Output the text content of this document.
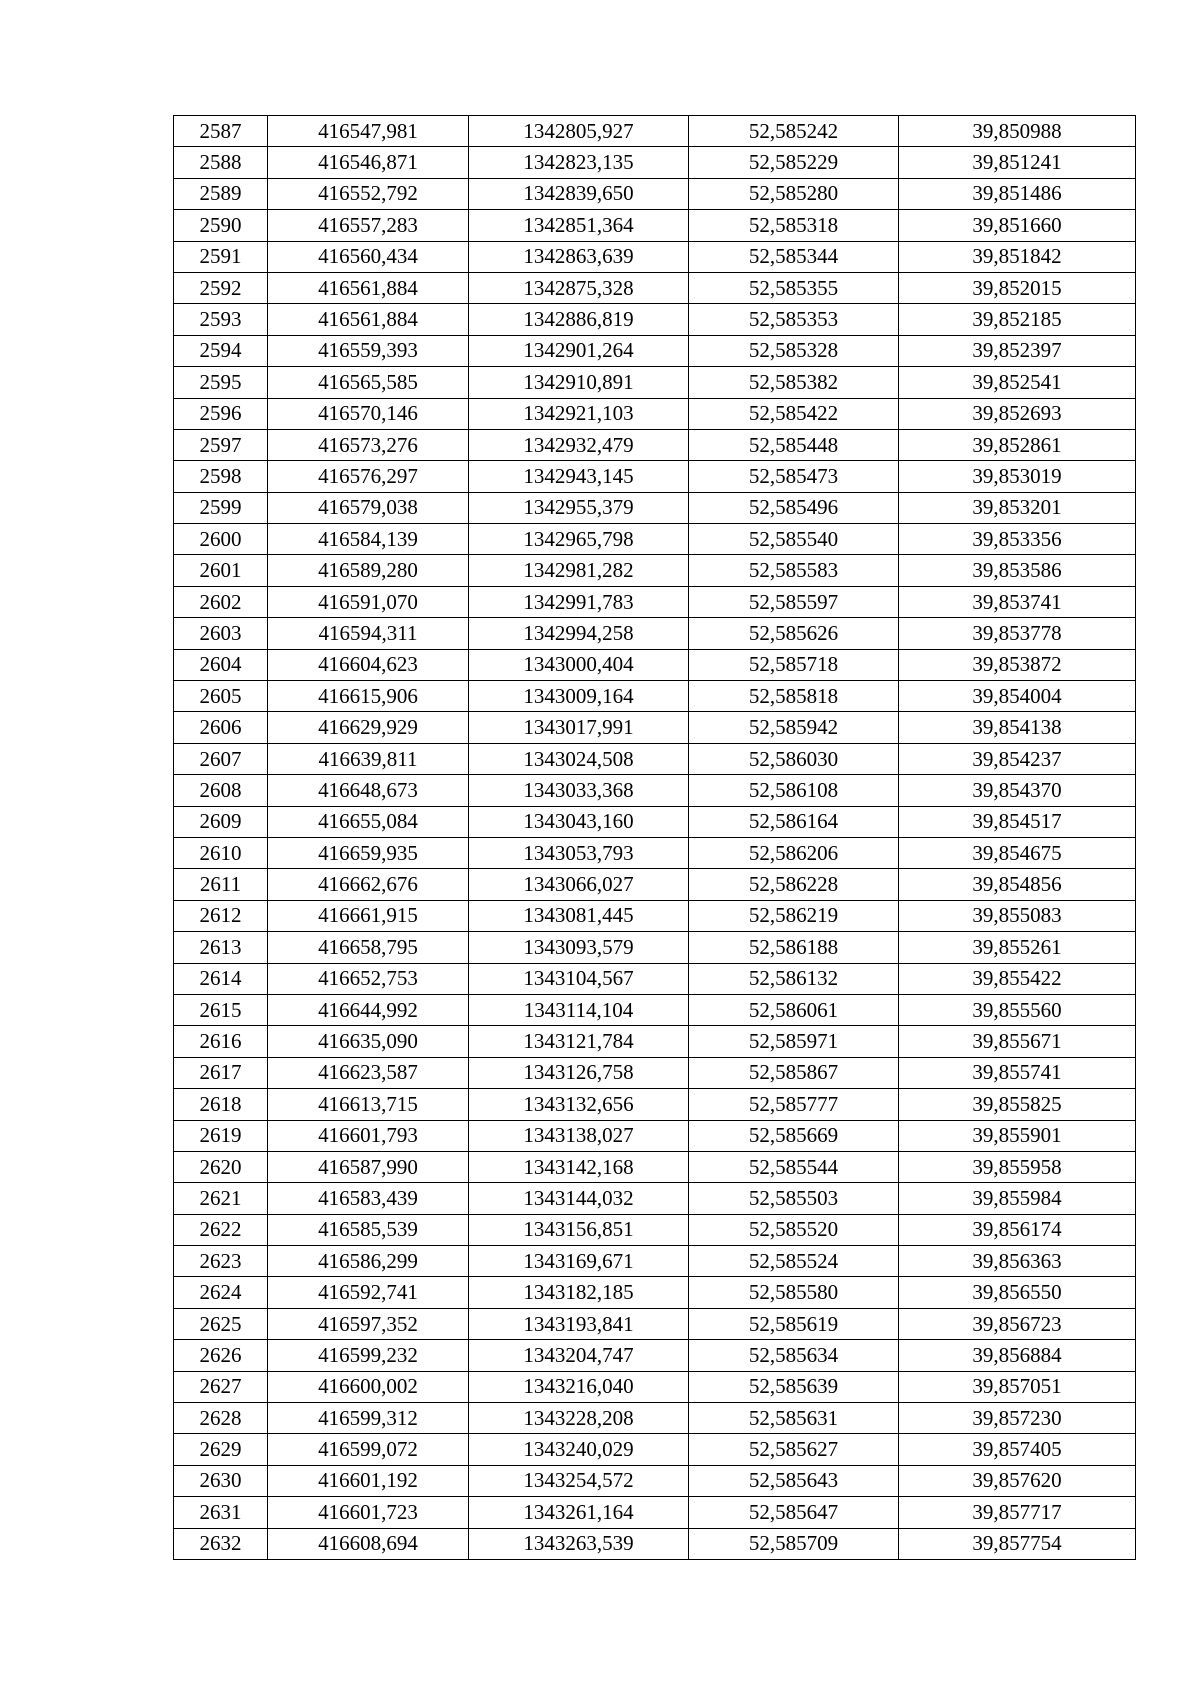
2587	416547,981	1342805,927	52,585242	39,850988
2588	416546,871	1342823,135	52,585229	39,851241
2589	416552,792	1342839,650	52,585280	39,851486
2590	416557,283	1342851,364	52,585318	39,851660
2591	416560,434	1342863,639	52,585344	39,851842
2592	416561,884	1342875,328	52,585355	39,852015
2593	416561,884	1342886,819	52,585353	39,852185
2594	416559,393	1342901,264	52,585328	39,852397
2595	416565,585	1342910,891	52,585382	39,852541
2596	416570,146	1342921,103	52,585422	39,852693
2597	416573,276	1342932,479	52,585448	39,852861
2598	416576,297	1342943,145	52,585473	39,853019
2599	416579,038	1342955,379	52,585496	39,853201
2600	416584,139	1342965,798	52,585540	39,853356
2601	416589,280	1342981,282	52,585583	39,853586
2602	416591,070	1342991,783	52,585597	39,853741
2603	416594,311	1342994,258	52,585626	39,853778
2604	416604,623	1343000,404	52,585718	39,853872
2605	416615,906	1343009,164	52,585818	39,854004
2606	416629,929	1343017,991	52,585942	39,854138
2607	416639,811	1343024,508	52,586030	39,854237
2608	416648,673	1343033,368	52,586108	39,854370
2609	416655,084	1343043,160	52,586164	39,854517
2610	416659,935	1343053,793	52,586206	39,854675
2611	416662,676	1343066,027	52,586228	39,854856
2612	416661,915	1343081,445	52,586219	39,855083
2613	416658,795	1343093,579	52,586188	39,855261
2614	416652,753	1343104,567	52,586132	39,855422
2615	416644,992	1343114,104	52,586061	39,855560
2616	416635,090	1343121,784	52,585971	39,855671
2617	416623,587	1343126,758	52,585867	39,855741
2618	416613,715	1343132,656	52,585777	39,855825
2619	416601,793	1343138,027	52,585669	39,855901
2620	416587,990	1343142,168	52,585544	39,855958
2621	416583,439	1343144,032	52,585503	39,855984
2622	416585,539	1343156,851	52,585520	39,856174
2623	416586,299	1343169,671	52,585524	39,856363
2624	416592,741	1343182,185	52,585580	39,856550
2625	416597,352	1343193,841	52,585619	39,856723
2626	416599,232	1343204,747	52,585634	39,856884
2627	416600,002	1343216,040	52,585639	39,857051
2628	416599,312	1343228,208	52,585631	39,857230
2629	416599,072	1343240,029	52,585627	39,857405
2630	416601,192	1343254,572	52,585643	39,857620
2631	416601,723	1343261,164	52,585647	39,857717
2632	416608,694	1343263,539	52,585709	39,857754
